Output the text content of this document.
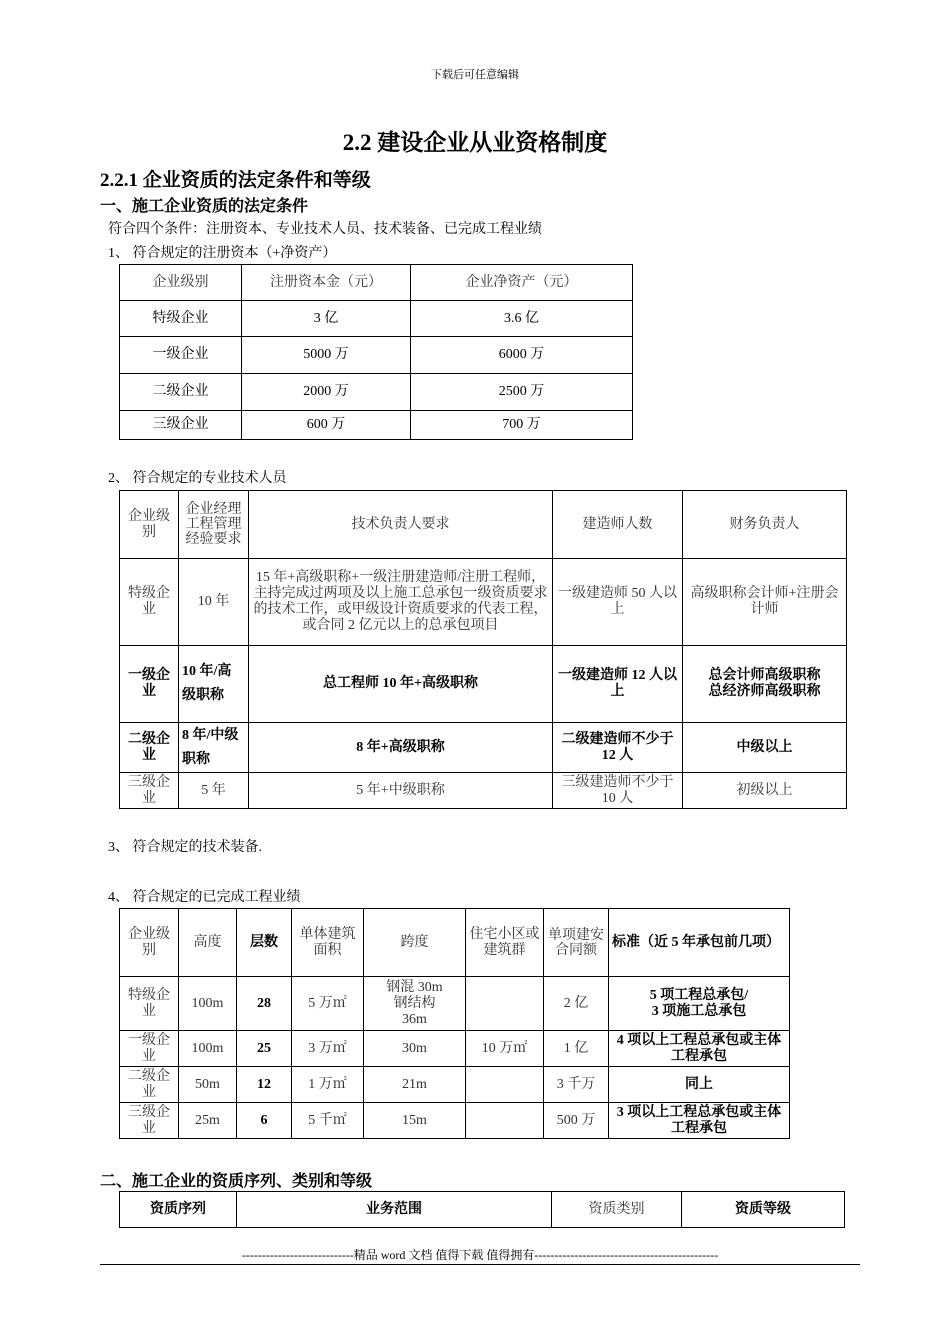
下载后可任意编辑
2.2 建设企业从业资格制度
2.2.1 企业资质的法定条件和等级
一、施工企业资质的法定条件
符合四个条件：注册资本、专业技术人员、技术装备、已完成工程业绩
1、 符合规定的注册资本（+净资产）
企业级别	注册资本金（元）	企业净资产（元）
特级企业	3 亿	3.6 亿
一级企业	5000 万	6000 万
二级企业	2000 万	2500 万
三级企业	600 万	700 万
2、 符合规定的专业技术人员
企业级别	企业经理工程管理经验要求	技术负责人要求	建造师人数	财务负责人
特级企业	10 年	15 年+高级职称+一级注册建造师/注册工程师，主持完成过两项及以上施工总承包一级资质要求的技术工作，或甲级设计资质要求的代表工程，或合同 2 亿元以上的总承包项目	一级建造师 50 人以上	高级职称会计师+注册会计师
一级企业	10 年/高级职称	总工程师 10 年+高级职称	一级建造师 12 人以上	总会计师高级职称
总经济师高级职称
二级企业	8 年/中级职称	8 年+高级职称	二级建造师不少于 12 人	中级以上
三级企业	5 年	5 年+中级职称	三级建造师不少于 10 人	初级以上
3、 符合规定的技术装备.
4、 符合规定的已完成工程业绩
企业级别	高度	层数	单体建筑面积	跨度	住宅小区或建筑群	单项建安合同额	标准（近 5 年承包前几项）
特级企业	100m	28	5 万㎡	钢混 30m
钢结构
36m		2 亿	5 项工程总承包/
3 项施工总承包
一级企业	100m	25	3 万㎡	30m	10 万㎡	1 亿	4 项以上工程总承包或主体工程承包
二级企业	50m	12	1 万㎡	21m		3 千万	同上
三级企业	25m	6	5 千㎡	15m		500 万	3 项以上工程总承包或主体工程承包
二、施工企业的资质序列、类别和等级
资质序列	业务范围	资质类别	资质等级
----------------------------精品 word 文档 值得下载 值得拥有----------------------------------------------
